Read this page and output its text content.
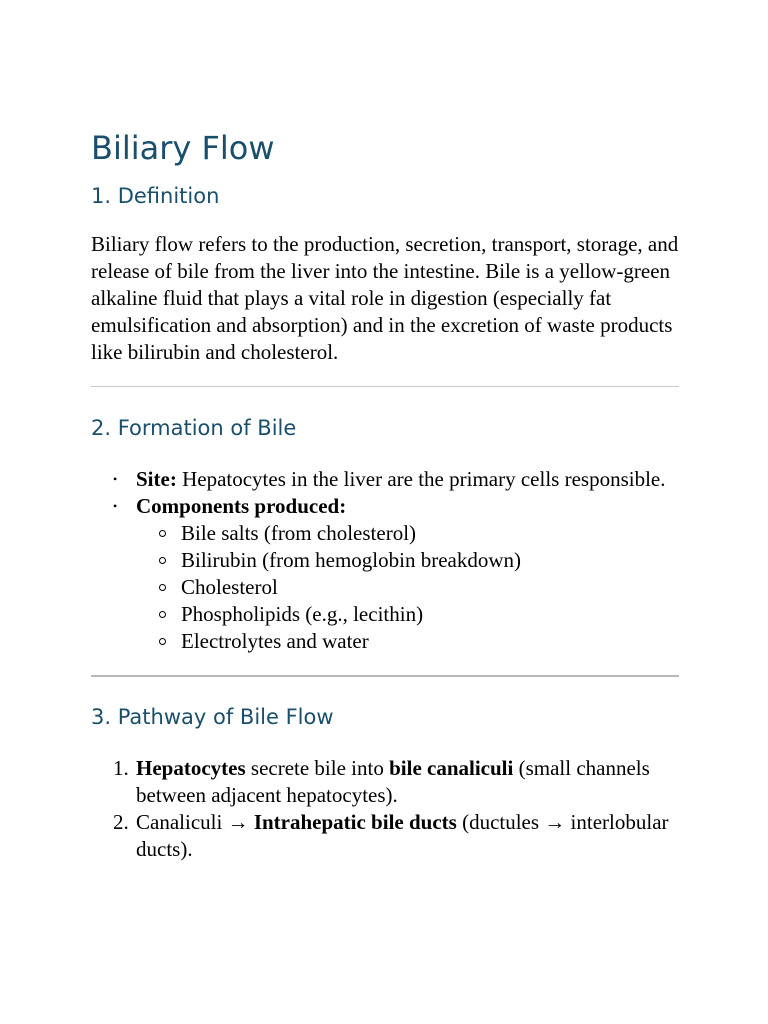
Biliary Flow
1. Definition

Biliary flow refers to the production, secretion, transport, storage, and release of bile from the liver into the intestine. Bile is a yellow-green alkaline fluid that plays a vital role in digestion (especially fat emulsification and absorption) and in the excretion of waste products like bilirubin and cholesterol.

2. Formation of Bile
• Site: Hepatocytes in the liver are the primary cells responsible.
• Components produced:
Bile salts (from cholesterol)
Bilirubin (from hemoglobin breakdown)
Cholesterol
Phospholipids (e.g., lecithin)
Electrolytes and water
3. Pathway of Bile Flow
1. Hepatocytes secrete bile into bile canaliculi (small channels between adjacent hepatocytes).
2. Canaliculi → Intrahepatic bile ducts (ductules → interlobular ducts).
